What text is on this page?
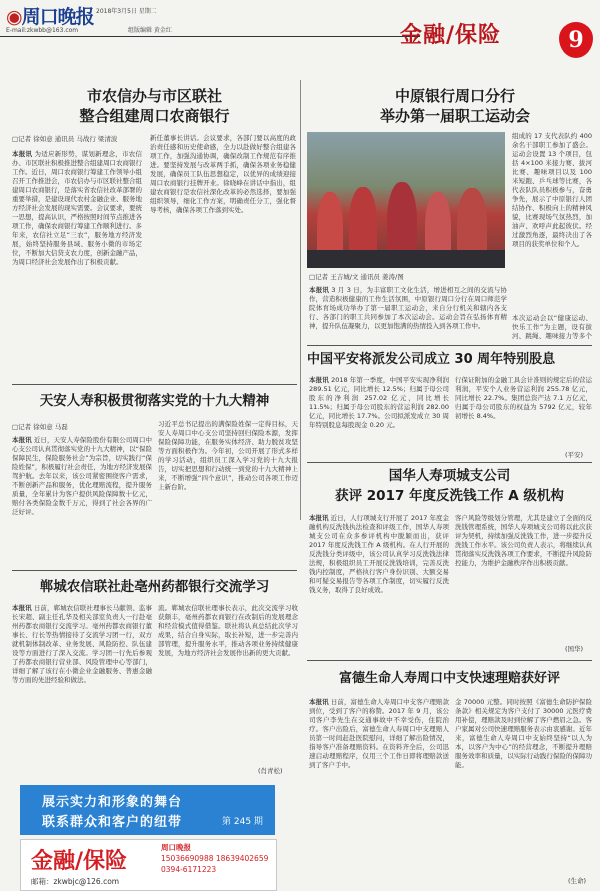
◉周口晚报 2018年3月5日 星期二
E-mail:zkwbb@163.com	组版编辑 黄金红	金融/保险	9
市农信办与市区联社
整合组建周口农商银行
□记者 徐如意 通讯员 马战行 梁清波
本报讯 为适应新形势，谋划新理念，市农信办、市区联社积极推进整合组建周口农商银行工作。近日，周口农商银行筹建工作领导小组召开工作推进会，市农信办与市区联社整合组建周口农商银行，是落实省农信社改革部署的重要举措，是建设现代农村金融企业、服务地方经济社会发展的现实需要。会议要求，要统一思想，提高认识，严格按照时间节点推进各项工作，确保农商银行筹建工作顺利进行。多年来，农信社立足“三农”，服务地方经济发展，始终坚持服务县域、服务小微的市场定位，不断加大信贷支农力度，创新金融产品，为周口经济社会发展作出了积极贡献。
新任董事长讲话。会议要求，各部门要以高度的政治责任感和历史使命感，全力以赴做好整合组建各项工作，加强沟通协调，确保改制工作规范有序推进。要坚持发展与改革两手抓，确保各项业务稳健发展，确保员工队伍思想稳定，以优异的成绩迎接周口农商银行挂牌开业。徐晓峰在讲话中指出，组建农商银行是农信社深化改革的必然选择，要加强组织领导，细化工作方案，明确责任分工，强化督导考核，确保各项工作落到实处。
中原银行周口分行
举办第一届职工运动会
组成的 17 支代表队约 400 余名干部职工参加了盛会。运动会设置 13 个项目，包括 4×100 米接力赛、拔河比赛、趣味项目以及 100 米短跑、乒乓球等比赛，各代表队队员积极参与，奋勇争先，展示了中原银行人团结协作、积极向上的精神风貌，比赛现场气氛热烈，加油声、欢呼声此起彼伏。经过激烈角逐，最终决出了各项目的获奖单位和个人。
□记者 王吉城/文 通讯员 姜涛/图
本报讯 3 月 3 日，为丰富职工文化生活，增进相互之间的交流与协作，营造积极健康的工作生活氛围，中原银行周口分行在周口师范学院体育场成功举办了第一届职工运动会，来自分行机关和辖内各支行、各部门的职工共同参加了本次运动会。运动会旨在弘扬体育精神，提升队伍凝聚力，以更加饱满的热情投入到各项工作中。
本次运动会以“健康运动、快乐工作”为主题，设有拔河、跳绳、趣味接力等多个
天安人寿积极贯彻落实党的十九大精神
□记者 徐如意 马磊
本报讯 近日，天安人寿保险股份有限公司周口中心支公司认真贯彻落实党的十九大精神，以“保险保障民生，保险服务社会”为宗旨，切实践行“保险姓保”，积极履行社会责任，为地方经济发展保驾护航。去年以来，该公司紧密围绕客户需求，不断创新产品和服务，优化理赔流程，提升服务质量，全年累计为客户提供风险保障数十亿元，赔付各类保险金数千万元，得到了社会各界的广泛好评。
习近平总书记提出的满保险姓保一定得目标，天安人寿周口中心支公司坚持回归保险本源，发挥保险保障功能，在服务实体经济、助力脱贫攻坚等方面积极作为。今年初，公司开展了形式多样的学习活动，组织员工深入学习党的十九大报告，切实把思想和行动统一到党的十九大精神上来，不断增强“四个意识”，推动公司各项工作迈上新台阶。
郸城农信联社赴亳州药都银行交流学习
本报讯 日前，郸城农信联社理事长马献领、监事长宋超、副主任孔华及相关部室负责人一行赴亳州药都农商银行交流学习。亳州药都农商银行董事长、行长等热情接待了交流学习团一行，双方就机制体制改革、业务发展、风险防控、队伍建设等方面进行了深入交流。学习团一行先后参观了药都农商银行营业部、风险管理中心等部门，详细了解了该行在小微企业金融服务、普惠金融等方面的先进经验和做法。
流。郸城农信联社理事长表示，此次交流学习收获颇丰，亳州药都农商银行在改制后的发展理念和经营模式值得借鉴。联社将认真总结此次学习成果，结合自身实际，取长补短，进一步完善内部管理，提升服务水平，推动各项业务持续健康发展，为地方经济社会发展作出新的更大贡献。
(肖青松)
中国平安将派发公司成立 30 周年特别股息
本报讯 2018 年第一季度，中国平安实现净利润 289.51 亿元，同比增长 12.5%；归属于母公司股东的净利润 257.02 亿元，同比增长 11.5%；归属于母公司股东的营运利润 282.00 亿元，同比增长 17.7%。公司拟派发成立 30 周年特别股息每股现金 0.20 元。
行保证附加的金融工具会计准则的规定后的营运利润，平安个人业务营运利润 255.78 亿元，同比增长 22.7%。集团总资产达 7.1 万亿元，归属于母公司股东的权益为 5792 亿元，较年初增长 8.4%。
(平安)
国华人寿项城支公司
获评 2017 年度反洗钱工作 A 级机构
本报讯 近日，人行项城支行开展了 2017 年度金融机构反洗钱执法检查和评级工作，国华人寿项城支公司在众多参评机构中脱颖而出，获评 2017 年度反洗钱工作 A 级机构。在人行开展的反洗钱分类评级中，该公司认真学习反洗钱法律法规，积极组织员工开展反洗钱培训，完善反洗钱内控制度，严格执行客户身份识别、大额交易和可疑交易报告等各项工作制度，切实履行反洗钱义务，取得了良好成效。
客户风险等级划分管理，尤其是建立了全面的反洗钱管理系统，国华人寿项城支公司将以此次获评为契机，持续加强反洗钱工作，进一步提升反洗钱工作水平。该公司负责人表示，将继续认真贯彻落实反洗钱各项工作要求，不断提升风险防控能力，为维护金融秩序作出积极贡献。
(国华)
富德生命人寿周口中支快速理赔获好评
本报讯 日前，富德生命人寿周口中支客户理赔款到位，受到了客户的称赞。2017 年 9 月，该公司客户李先生在交通事故中不幸受伤，住院治疗。客户出险后，富德生命人寿周口中支理赔人员第一时间赶赴医院慰问，详细了解出险情况，指导客户准备理赔资料。在资料齐全后，公司迅速启动理赔程序，仅用三个工作日即将理赔款送到了客户手中。
金 70000 元整。同时按照《富德生命防护保险条款》相关规定为客户支付了 30000 元医疗费用补偿，理赔款及时到位解了客户燃眉之急。客户家属对公司快速理赔服务表示由衷感谢。近年来，富德生命人寿周口中支始终坚持“以人为本，以客户为中心”的经营理念，不断提升理赔服务效率和质量，以实际行动践行保险的保障功能。
(生命)
展示实力和形象的舞台
联系群众和客户的纽带	第 245 期
金融/保险
周口晚报
15036690988 18639402659
0394-6171223
邮箱：zkwbjc@126.com
